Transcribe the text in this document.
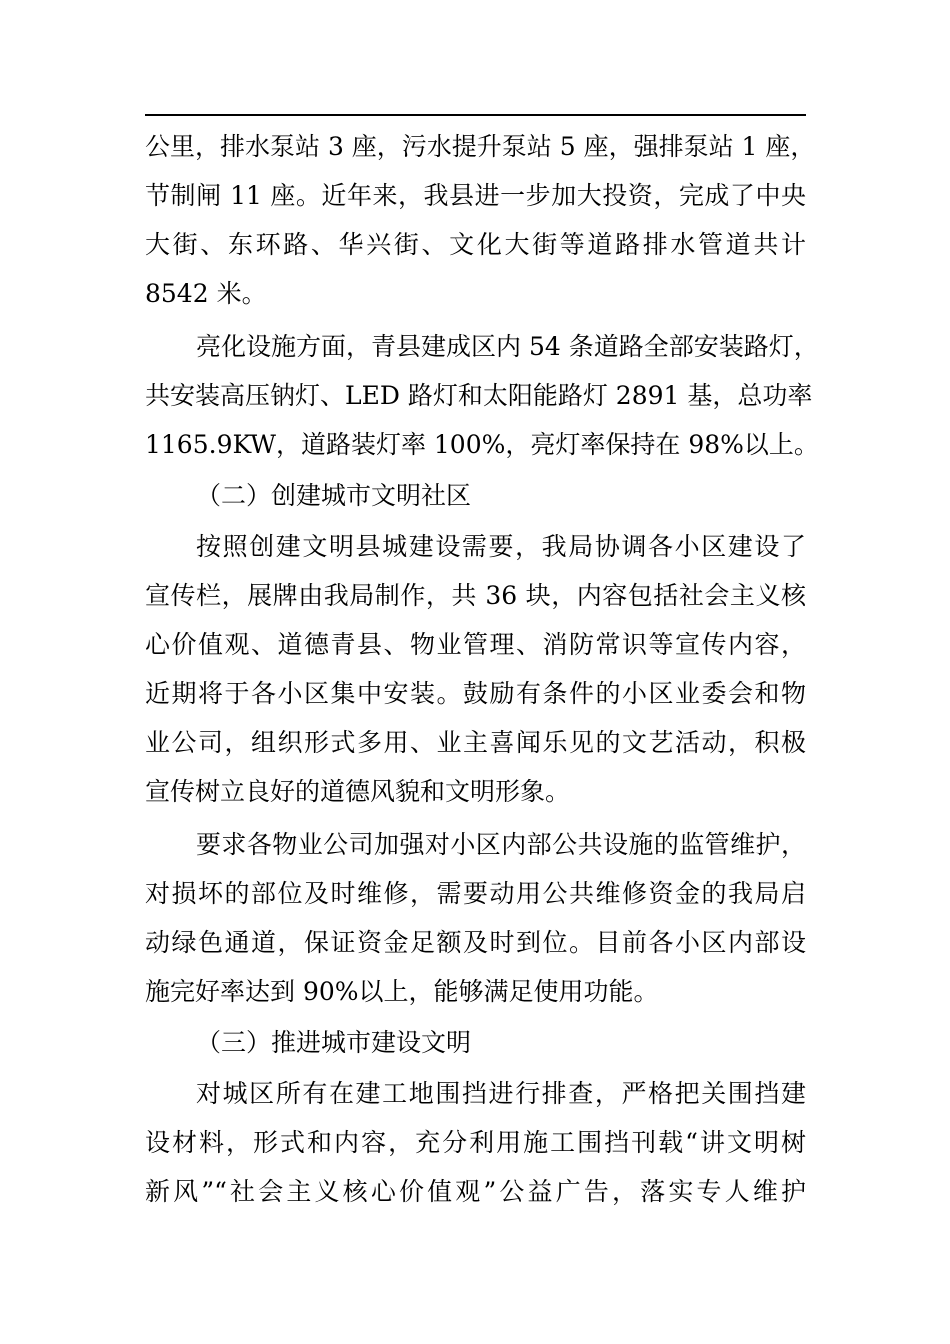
公里，排水泵站 3 座，污水提升泵站 5 座，强排泵站 1 座，
节制闸 11 座。近年来，我县进一步加大投资，完成了中央
大街、东环路、华兴街、文化大街等道路排水管道共计
8542 米。
亮化设施方面，青县建成区内 54 条道路全部安装路灯，
共安装高压钠灯、LED 路灯和太阳能路灯 2891 基，总功率
1165.9KW，道路装灯率 100%，亮灯率保持在 98%以上。
（二）创建城市文明社区
按照创建文明县城建设需要，我局协调各小区建设了
宣传栏，展牌由我局制作，共 36 块，内容包括社会主义核
心价值观、道德青县、物业管理、消防常识等宣传内容，
近期将于各小区集中安装。鼓励有条件的小区业委会和物
业公司，组织形式多用、业主喜闻乐见的文艺活动，积极
宣传树立良好的道德风貌和文明形象。
要求各物业公司加强对小区内部公共设施的监管维护，
对损坏的部位及时维修，需要动用公共维修资金的我局启
动绿色通道，保证资金足额及时到位。目前各小区内部设
施完好率达到 90%以上，能够满足使用功能。
（三）推进城市建设文明
对城区所有在建工地围挡进行排查，严格把关围挡建
设材料，形式和内容，充分利用施工围挡刊载“讲文明树
新风”“社会主义核心价值观”公益广告，落实专人维护
